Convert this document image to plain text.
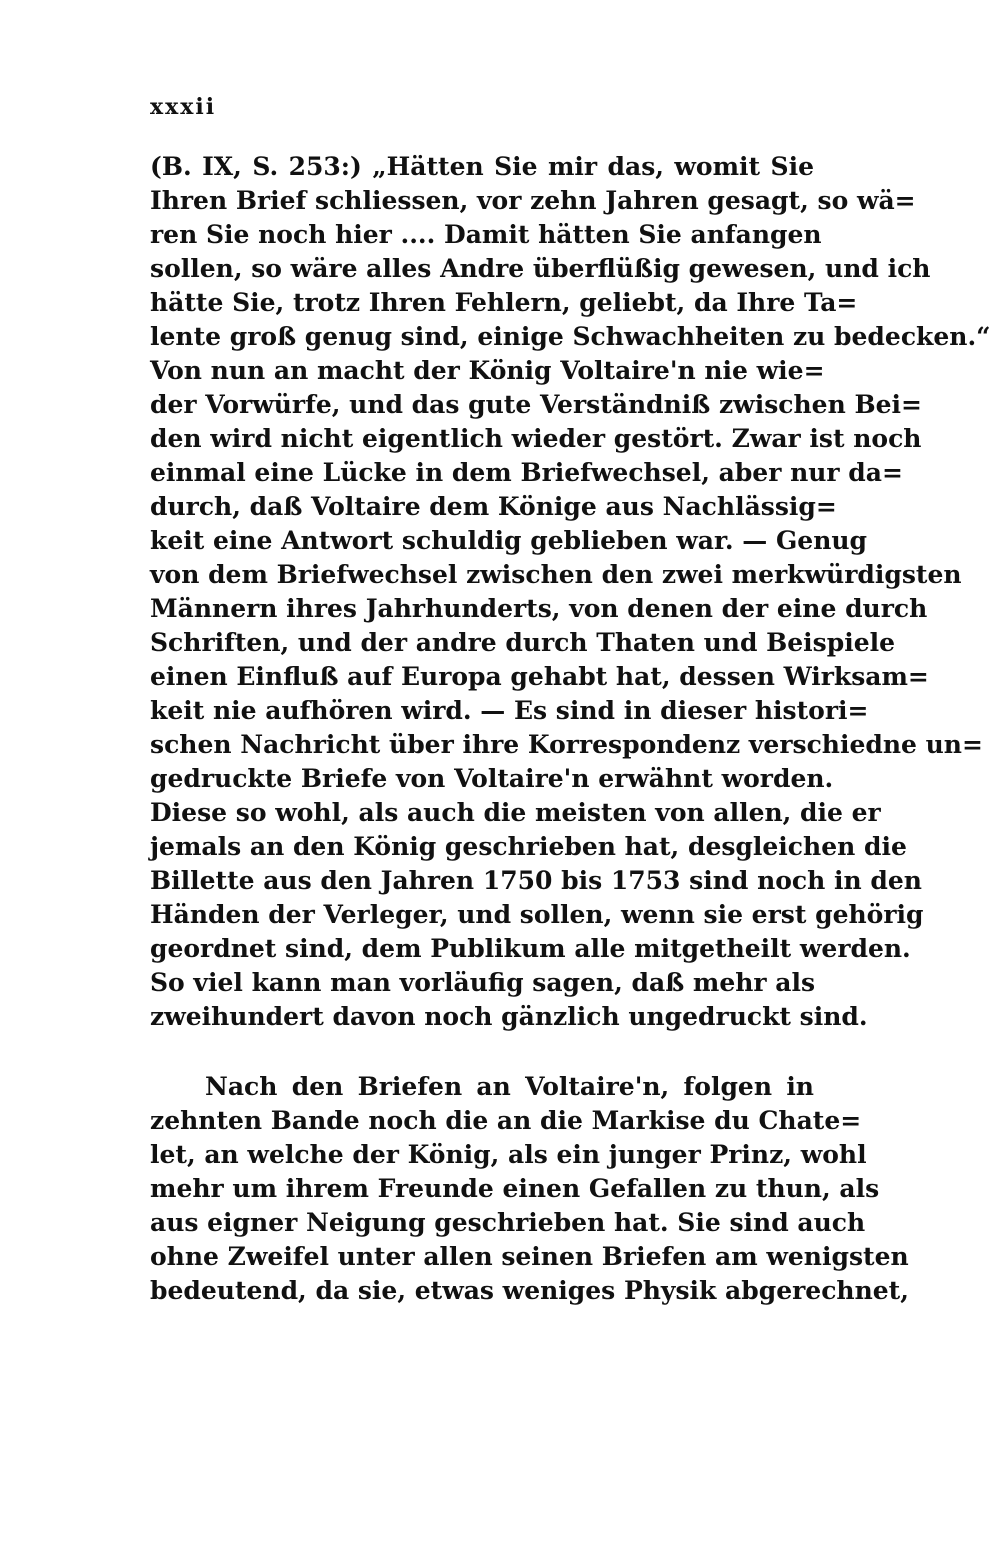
xxxii
(B. IX, S. 253:) „Hätten Sie mir das, womit Sie
Ihren Brief schliessen, vor zehn Jahren gesagt, so wä=
ren Sie noch hier .... Damit hätten Sie anfangen
sollen, so wäre alles Andre überflüßig gewesen, und ich
hätte Sie, trotz Ihren Fehlern, geliebt, da Ihre Ta=
lente groß genug sind, einige Schwachheiten zu bedecken.“
Von nun an macht der König Voltaire'n nie wie=
der Vorwürfe, und das gute Verständniß zwischen Bei=
den wird nicht eigentlich wieder gestört. Zwar ist noch
einmal eine Lücke in dem Briefwechsel, aber nur da=
durch, daß Voltaire dem Könige aus Nachlässig=
keit eine Antwort schuldig geblieben war. — Genug
von dem Briefwechsel zwischen den zwei merkwürdigsten
Männern ihres Jahrhunderts, von denen der eine durch
Schriften, und der andre durch Thaten und Beispiele
einen Einfluß auf Europa gehabt hat, dessen Wirksam=
keit nie aufhören wird. — Es sind in dieser histori=
schen Nachricht über ihre Korrespondenz verschiedne un=
gedruckte Briefe von Voltaire'n erwähnt worden.
Diese so wohl, als auch die meisten von allen, die er
jemals an den König geschrieben hat, desgleichen die
Billette aus den Jahren 1750 bis 1753 sind noch in den
Händen der Verleger, und sollen, wenn sie erst gehörig
geordnet sind, dem Publikum alle mitgetheilt werden.
So viel kann man vorläufig sagen, daß mehr als
zweihundert davon noch gänzlich ungedruckt sind.
Nach den Briefen an Voltaire'n, folgen in
zehnten Bande noch die an die Markise du Chate=
let, an welche der König, als ein junger Prinz, wohl
mehr um ihrem Freunde einen Gefallen zu thun, als
aus eigner Neigung geschrieben hat. Sie sind auch
ohne Zweifel unter allen seinen Briefen am wenigsten
bedeutend, da sie, etwas weniges Physik abgerechnet,
